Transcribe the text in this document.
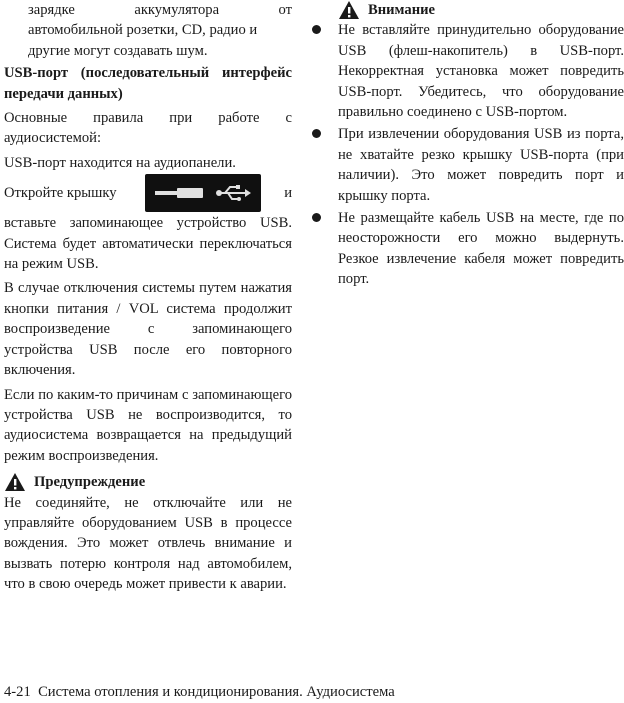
зарядке аккумулятора от

автомобильной розетки, CD, радио и

другие могут создавать шум.

USB-порт (последовательный интерфейс передачи данных)

Основные правила при работе с аудиосистемой:

USB-порт находится на аудиопанели.

Откройте крышку	и

вставьте запоминающее устройство USB. Система будет автоматически переключаться на режим USB.

В случае отключения системы путем нажатия кнопки питания / VOL система продолжит воспроизведение с запоминающего устройства USB после его повторного включения.

Если по каким-то причинам с запоминающего устройства USB не воспроизводится, то аудиосистема возвращается на предыдущий режим воспроизведения.

Предупреждение

Не соединяйте, не отключайте или не управляйте оборудованием USB в процессе вождения. Это может отвлечь внимание и вызвать потерю контроля над автомобилем, что в свою очередь может привести к аварии.

Внимание
Не вставляйте принудительно оборудование USB (флеш-накопитель) в USB-порт. Некорректная установка может повредить USB-порт. Убедитесь, что оборудование правильно соединено с USB-портом.
При извлечении оборудования USB из порта, не хватайте резко крышку USB-порта (при наличии). Это может повредить порт и крышку порта.
Не размещайте кабель USB на месте, где по неосторожности его можно выдернуть. Резкое извлечение кабеля может повредить порт.
4-21 Система отопления и кондиционирования. Аудиосистема
